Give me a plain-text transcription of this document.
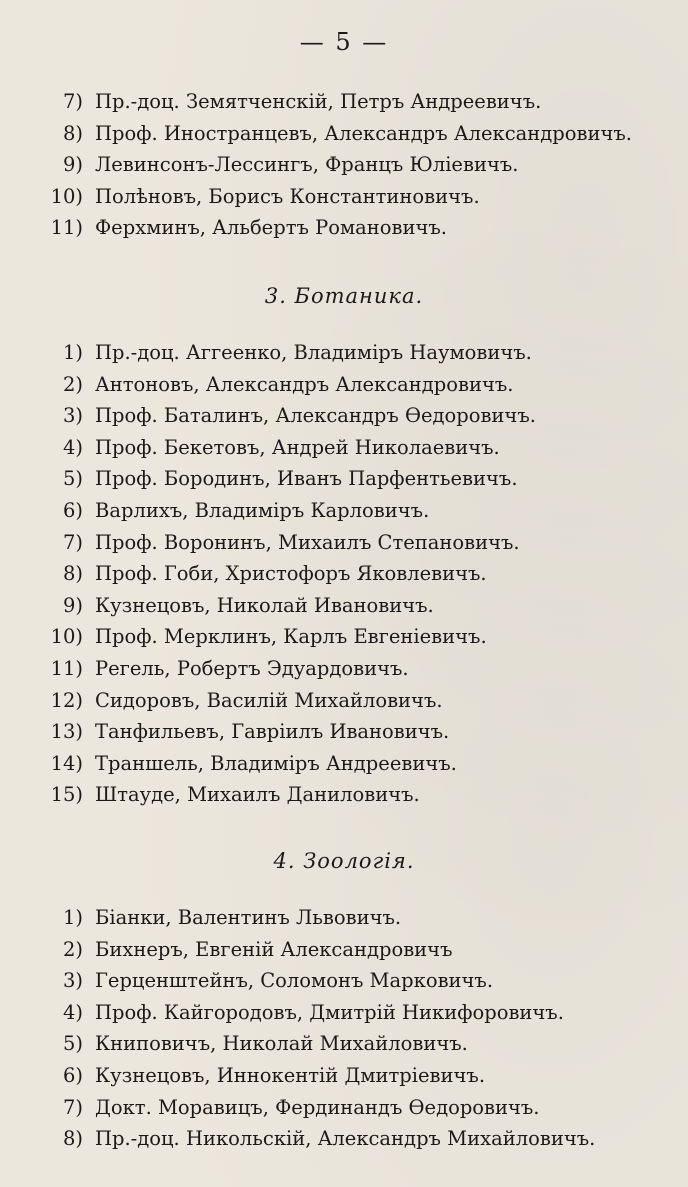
— 5 —
7) Пр.-доц. Земятченскій, Петръ Андреевичъ.
8) Проф. Иностранцевъ, Александръ Александровичъ.
9) Левинсонъ-Лессингъ, Францъ Юліевичъ.
10) Полѣновъ, Борисъ Константиновичъ.
11) Ферхминъ, Альбертъ Романовичъ.
3. Ботаника.
1) Пр.-доц. Аггеенко, Владиміръ Наумовичъ.
2) Антоновъ, Александръ Александровичъ.
3) Проф. Баталинъ, Александръ Өедоровичъ.
4) Проф. Бекетовъ, Андрей Николаевичъ.
5) Проф. Бородинъ, Иванъ Парфентьевичъ.
6) Варлихъ, Владиміръ Карловичъ.
7) Проф. Воронинъ, Михаилъ Степановичъ.
8) Проф. Гоби, Христофоръ Яковлевичъ.
9) Кузнецовъ, Николай Ивановичъ.
10) Проф. Мерклинъ, Карлъ Евгеніевичъ.
11) Регель, Робертъ Эдуардовичъ.
12) Сидоровъ, Василій Михайловичъ.
13) Танфильевъ, Гавріилъ Ивановичъ.
14) Траншель, Владиміръ Андреевичъ.
15) Штауде, Михаилъ Даниловичъ.
4. Зоологія.
1) Біанки, Валентинъ Львовичъ.
2) Бихнеръ, Евгеній Александровичъ
3) Герценштейнъ, Соломонъ Марковичъ.
4) Проф. Кайгородовъ, Дмитрій Никифоровичъ.
5) Книповичъ, Николай Михайловичъ.
6) Кузнецовъ, Иннокентій Дмитріевичъ.
7) Докт. Моравицъ, Фердинандъ Өедоровичъ.
8) Пр.-доц. Никольскій, Александръ Михайловичъ.
